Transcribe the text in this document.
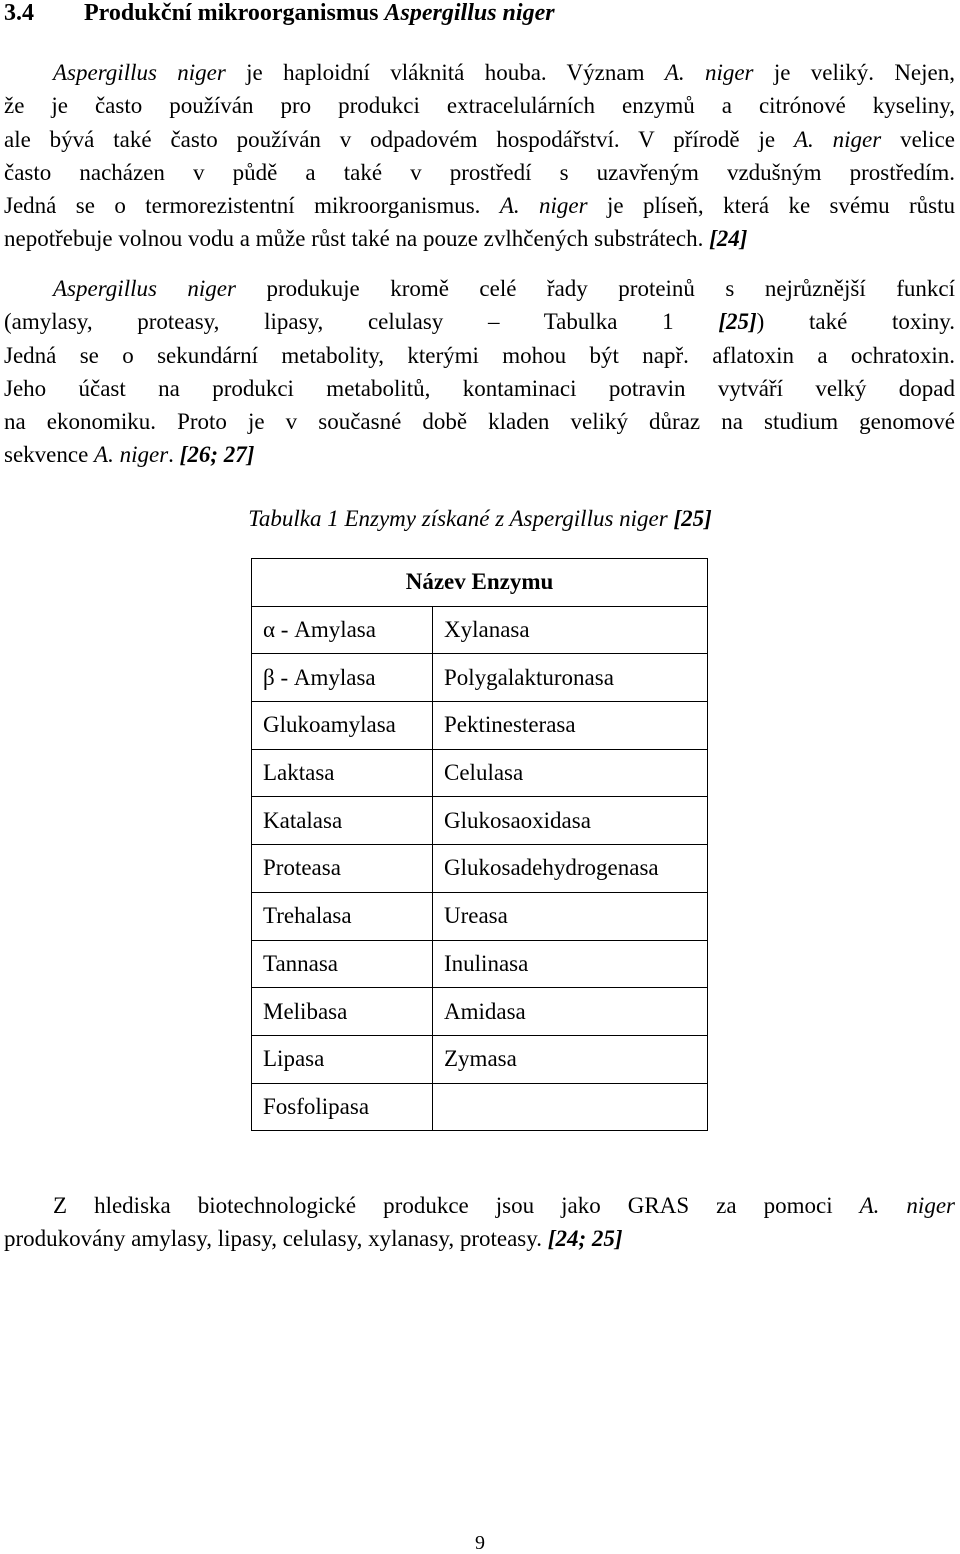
3.4 Produkční mikroorganismus Aspergillus niger

Aspergillus niger je haploidní vláknitá houba. Význam A. niger je veliký. Nejen,
že je často používán pro produkci extracelulárních enzymů a citrónové kyseliny,
ale bývá také často používán v odpadovém hospodářství. V přírodě je A. niger velice
často nacházen v půdě a také v prostředí s uzavřeným vzdušným prostředím.
Jedná se o termorezistentní mikroorganismus. A. niger je plíseň, která ke svému růstu
nepotřebuje volnou vodu a může růst také na pouze zvlhčených substrátech. [24]

Aspergillus niger produkuje kromě celé řady proteinů s nejrůznější funkcí
(amylasy, proteasy, lipasy, celulasy – Tabulka 1 [25]) také toxiny.
Jedná se o sekundární metabolity, kterými mohou být např. aflatoxin a ochratoxin.
Jeho účast na produkci metabolitů, kontaminaci potravin vytváří velký dopad
na ekonomiku. Proto je v současné době kladen veliký důraz na studium genomové
sekvence A. niger. [26; 27]

Tabulka 1 Enzymy získané z Aspergillus niger [25]

Název Enzymu	
α - Amylasa	Xylanasa
β - Amylasa	Polygalakturonasa
Glukoamylasa	Pektinesterasa
Laktasa	Celulasa
Katalasa	Glukosaoxidasa
Proteasa	Glukosadehydrogenasa
Trehalasa	Ureasa
Tannasa	Inulinasa
Melibasa	Amidasa
Lipasa	Zymasa
Fosfolipasa	

Z hlediska biotechnologické produkce jsou jako GRAS za pomoci A. niger
produkovány amylasy, lipasy, celulasy, xylanasy, proteasy. [24; 25]

9
